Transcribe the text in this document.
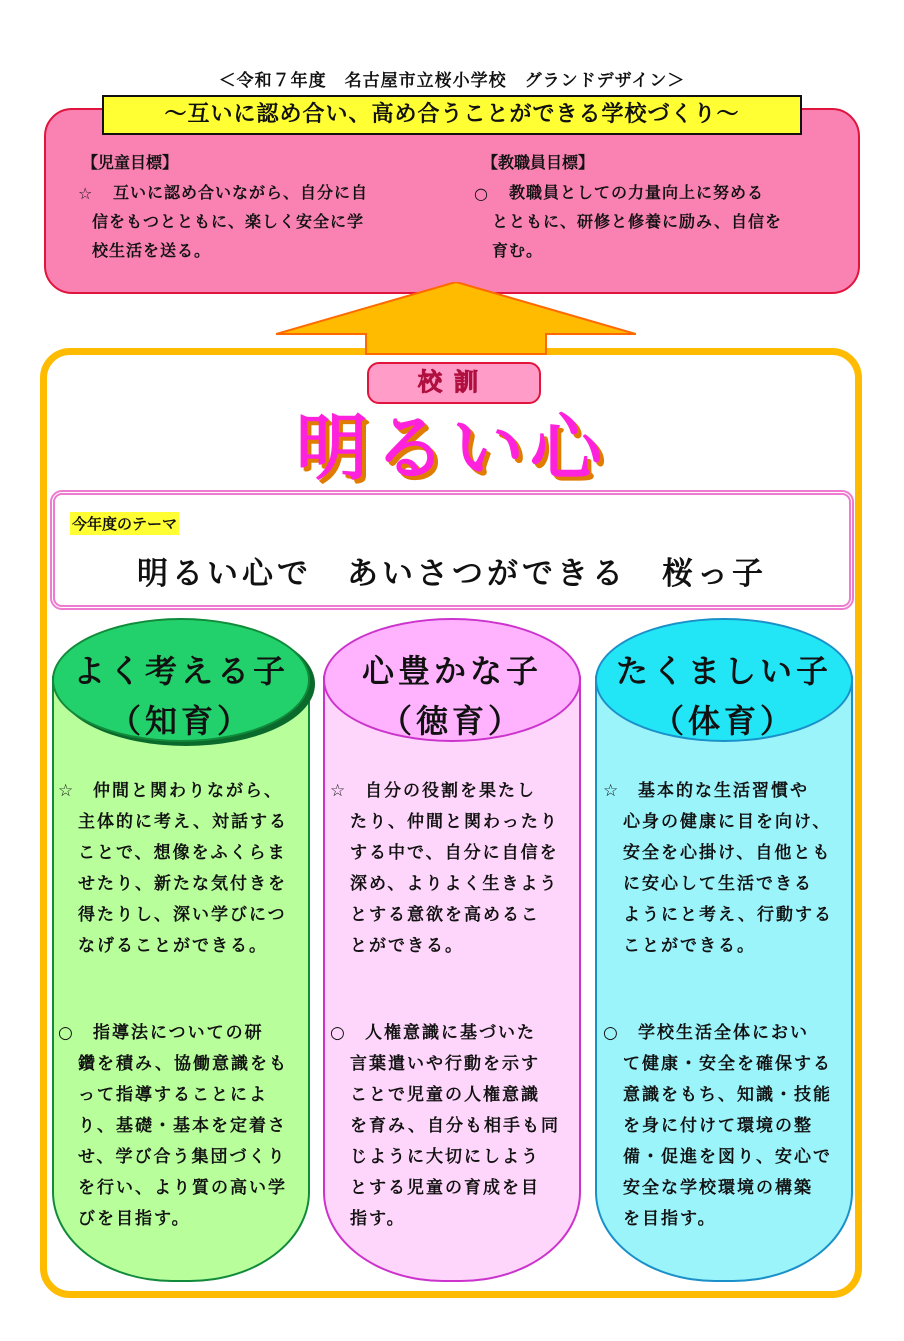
＜令和７年度　名古屋市立桜小学校　グランドデザイン＞
～互いに認め合い、高め合うことができる学校づくり～
【児童目標】
☆ 　互いに認め合いながら、自分に自
信をもつとともに、楽しく安全に学
校生活を送る。
【教職員目標】
○ 　教職員としての力量向上に努める
とともに、研修と修養に励み、自信を
育む。
校訓
明るい心
今年度のテーマ
明るい心で　あいさつができる　桜っ子
よく考える子
（知育）
☆
　仲間と関わりながら、
主体的に考え、対話する
ことで、想像をふくらま
せたり、新たな気付きを
得たりし、深い学びにつ
なげることができる。
○ 　指導法についての研
鑽を積み、協働意識をも
って指導することによ
り、基礎・基本を定着さ
せ、学び合う集団づくり
を行い、より質の高い学
びを目指す。
心豊かな子
（徳育）
☆
　自分の役割を果たし
たり、仲間と関わったり
する中で、自分に自信を
深め、よりよく生きよう
とする意欲を高めるこ
とができる。
○ 　人権意識に基づいた
言葉遣いや行動を示す
ことで児童の人権意識
を育み、自分も相手も同
じように大切にしよう
とする児童の育成を目
指す。
たくましい子
（体育）
☆
　基本的な生活習慣や
心身の健康に目を向け、
安全を心掛け、自他とも
に安心して生活できる
ようにと考え、行動する
ことができる。
○ 　学校生活全体におい
て健康・安全を確保する
意識をもち、知識・技能
を身に付けて環境の整
備・促進を図り、安心で
安全な学校環境の構築
を目指す。
